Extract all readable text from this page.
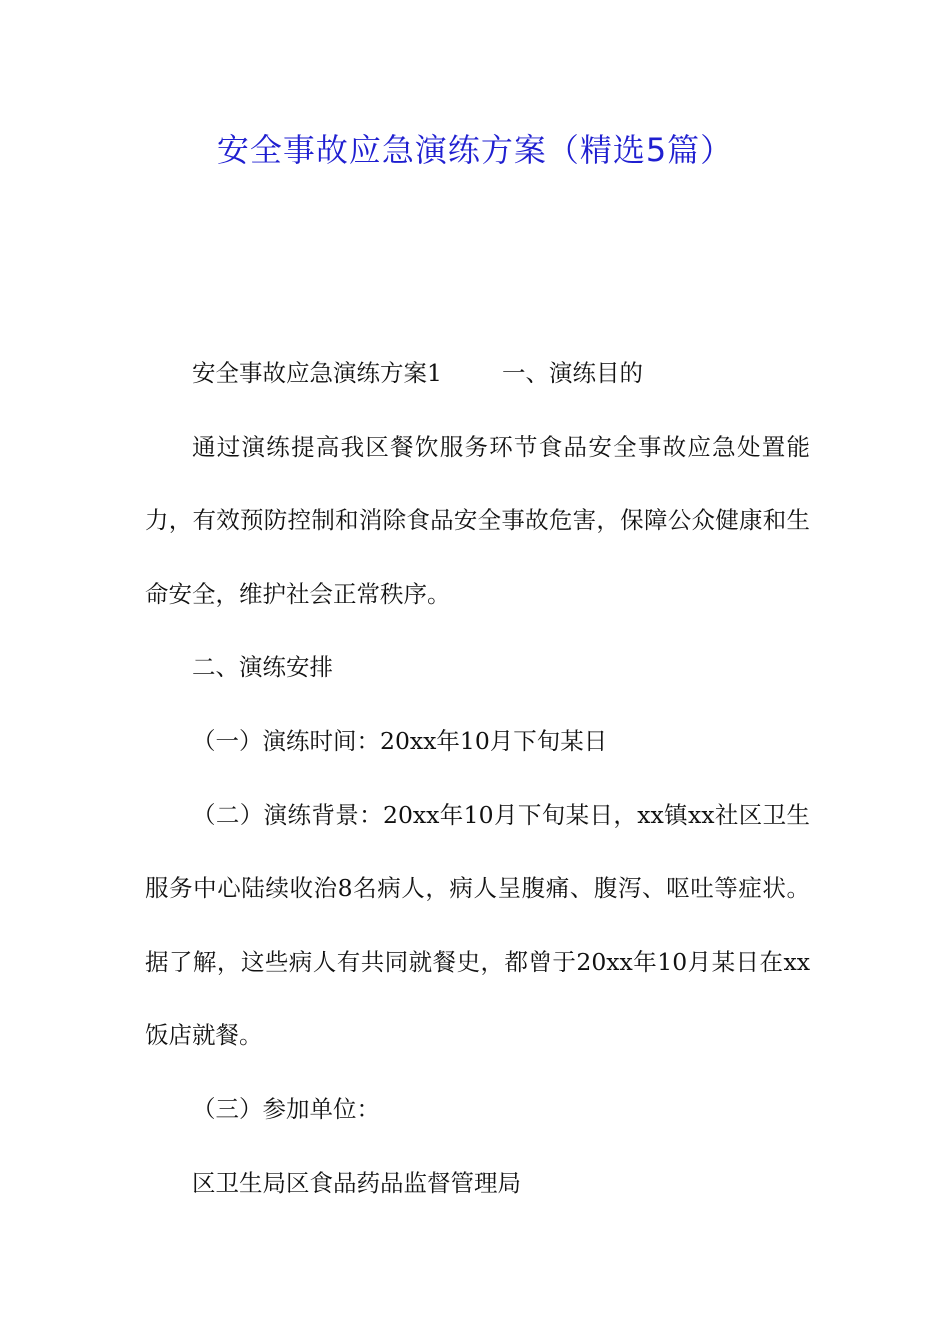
安全事故应急演练方案（精选5篇）

安全事故应急演练方案1	一、演练目的

通过演练提高我区餐饮服务环节食品安全事故应急处置能力，有效预防控制和消除食品安全事故危害，保障公众健康和生命安全，维护社会正常秩序。

二、演练安排

（一）演练时间：20xx年10月下旬某日

（二）演练背景：20xx年10月下旬某日，xx镇xx社区卫生服务中心陆续收治8名病人，病人呈腹痛、腹泻、呕吐等症状。据了解，这些病人有共同就餐史，都曾于20xx年10月某日在xx饭店就餐。

（三）参加单位：

区卫生局区食品药品监督管理局
